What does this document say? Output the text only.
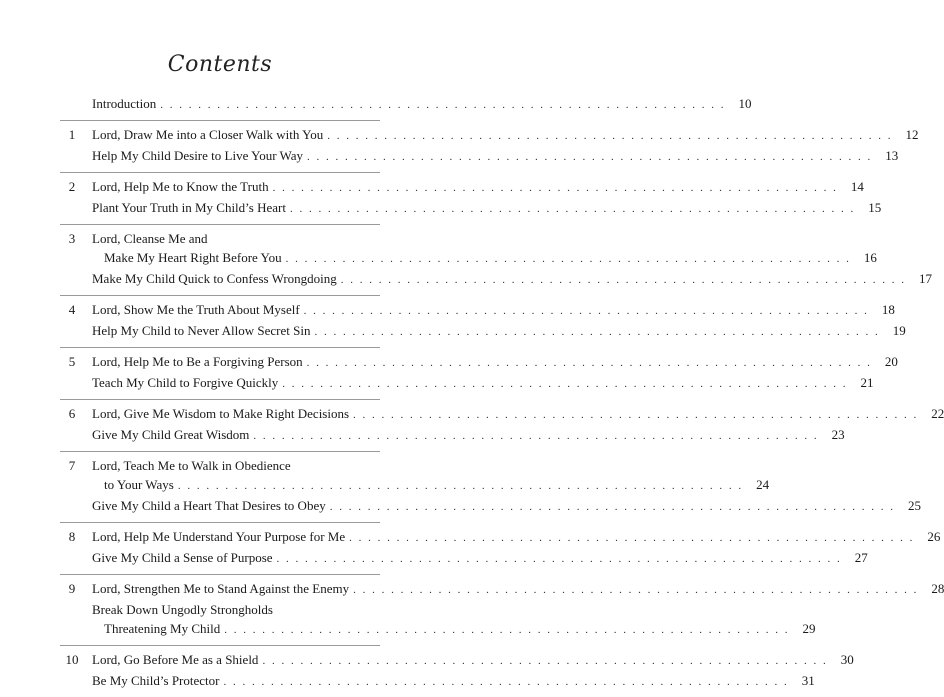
Contents
Introduction . . . . . . . . . . . . . . . . . . . . . . . . . . . . . . . . . . . . . . . . . . . . . . . . . . . . . . . . . . . .	10
1	Lord, Draw Me into a Closer Walk with You . . . . . . . . . . . . . . . . . . . . . . . . . . . . . . . . . . . . . . . . . . . . . . . . . . . . . . . . . . . .	12
Help My Child Desire to Live Your Way . . . . . . . . . . . . . . . . . . . . . . . . . . . . . . . . . . . . . . . . . . . . . . . . . . . . . . . . . . . .	13
2	Lord, Help Me to Know the Truth . . . . . . . . . . . . . . . . . . . . . . . . . . . . . . . . . . . . . . . . . . . . . . . . . . . . . . . . . . . .	14
Plant Your Truth in My Child’s Heart . . . . . . . . . . . . . . . . . . . . . . . . . . . . . . . . . . . . . . . . . . . . . . . . . . . . . . . . . . . .	15
3	Lord, Cleanse Me and
Make My Heart Right Before You . . . . . . . . . . . . . . . . . . . . . . . . . . . . . . . . . . . . . . . . . . . . . . . . . . . . . . . . . . . .	16
Make My Child Quick to Confess Wrongdoing . . . . . . . . . . . . . . . . . . . . . . . . . . . . . . . . . . . . . . . . . . . . . . . . . . . . . . . . . . . .	17
4	Lord, Show Me the Truth About Myself . . . . . . . . . . . . . . . . . . . . . . . . . . . . . . . . . . . . . . . . . . . . . . . . . . . . . . . . . . . .	18
Help My Child to Never Allow Secret Sin . . . . . . . . . . . . . . . . . . . . . . . . . . . . . . . . . . . . . . . . . . . . . . . . . . . . . . . . . . . .	19
5	Lord, Help Me to Be a Forgiving Person . . . . . . . . . . . . . . . . . . . . . . . . . . . . . . . . . . . . . . . . . . . . . . . . . . . . . . . . . . . .	20
Teach My Child to Forgive Quickly . . . . . . . . . . . . . . . . . . . . . . . . . . . . . . . . . . . . . . . . . . . . . . . . . . . . . . . . . . . .	21
6	Lord, Give Me Wisdom to Make Right Decisions . . . . . . . . . . . . . . . . . . . . . . . . . . . . . . . . . . . . . . . . . . . . . . . . . . . . . . . . . . . .	22
Give My Child Great Wisdom . . . . . . . . . . . . . . . . . . . . . . . . . . . . . . . . . . . . . . . . . . . . . . . . . . . . . . . . . . . .	23
7	Lord, Teach Me to Walk in Obedience
to Your Ways . . . . . . . . . . . . . . . . . . . . . . . . . . . . . . . . . . . . . . . . . . . . . . . . . . . . . . . . . . . .	24
Give My Child a Heart That Desires to Obey . . . . . . . . . . . . . . . . . . . . . . . . . . . . . . . . . . . . . . . . . . . . . . . . . . . . . . . . . . . .	25
8	Lord, Help Me Understand Your Purpose for Me . . . . . . . . . . . . . . . . . . . . . . . . . . . . . . . . . . . . . . . . . . . . . . . . . . . . . . . . . . . .	26
Give My Child a Sense of Purpose . . . . . . . . . . . . . . . . . . . . . . . . . . . . . . . . . . . . . . . . . . . . . . . . . . . . . . . . . . . .	27
9	Lord, Strengthen Me to Stand Against the Enemy . . . . . . . . . . . . . . . . . . . . . . . . . . . . . . . . . . . . . . . . . . . . . . . . . . . . . . . . . . . .	28
Break Down Ungodly Strongholds
Threatening My Child . . . . . . . . . . . . . . . . . . . . . . . . . . . . . . . . . . . . . . . . . . . . . . . . . . . . . . . . . . . .	29
10	Lord, Go Before Me as a Shield . . . . . . . . . . . . . . . . . . . . . . . . . . . . . . . . . . . . . . . . . . . . . . . . . . . . . . . . . . . .	30
Be My Child’s Protector . . . . . . . . . . . . . . . . . . . . . . . . . . . . . . . . . . . . . . . . . . . . . . . . . . . . . . . . . . . .	31
